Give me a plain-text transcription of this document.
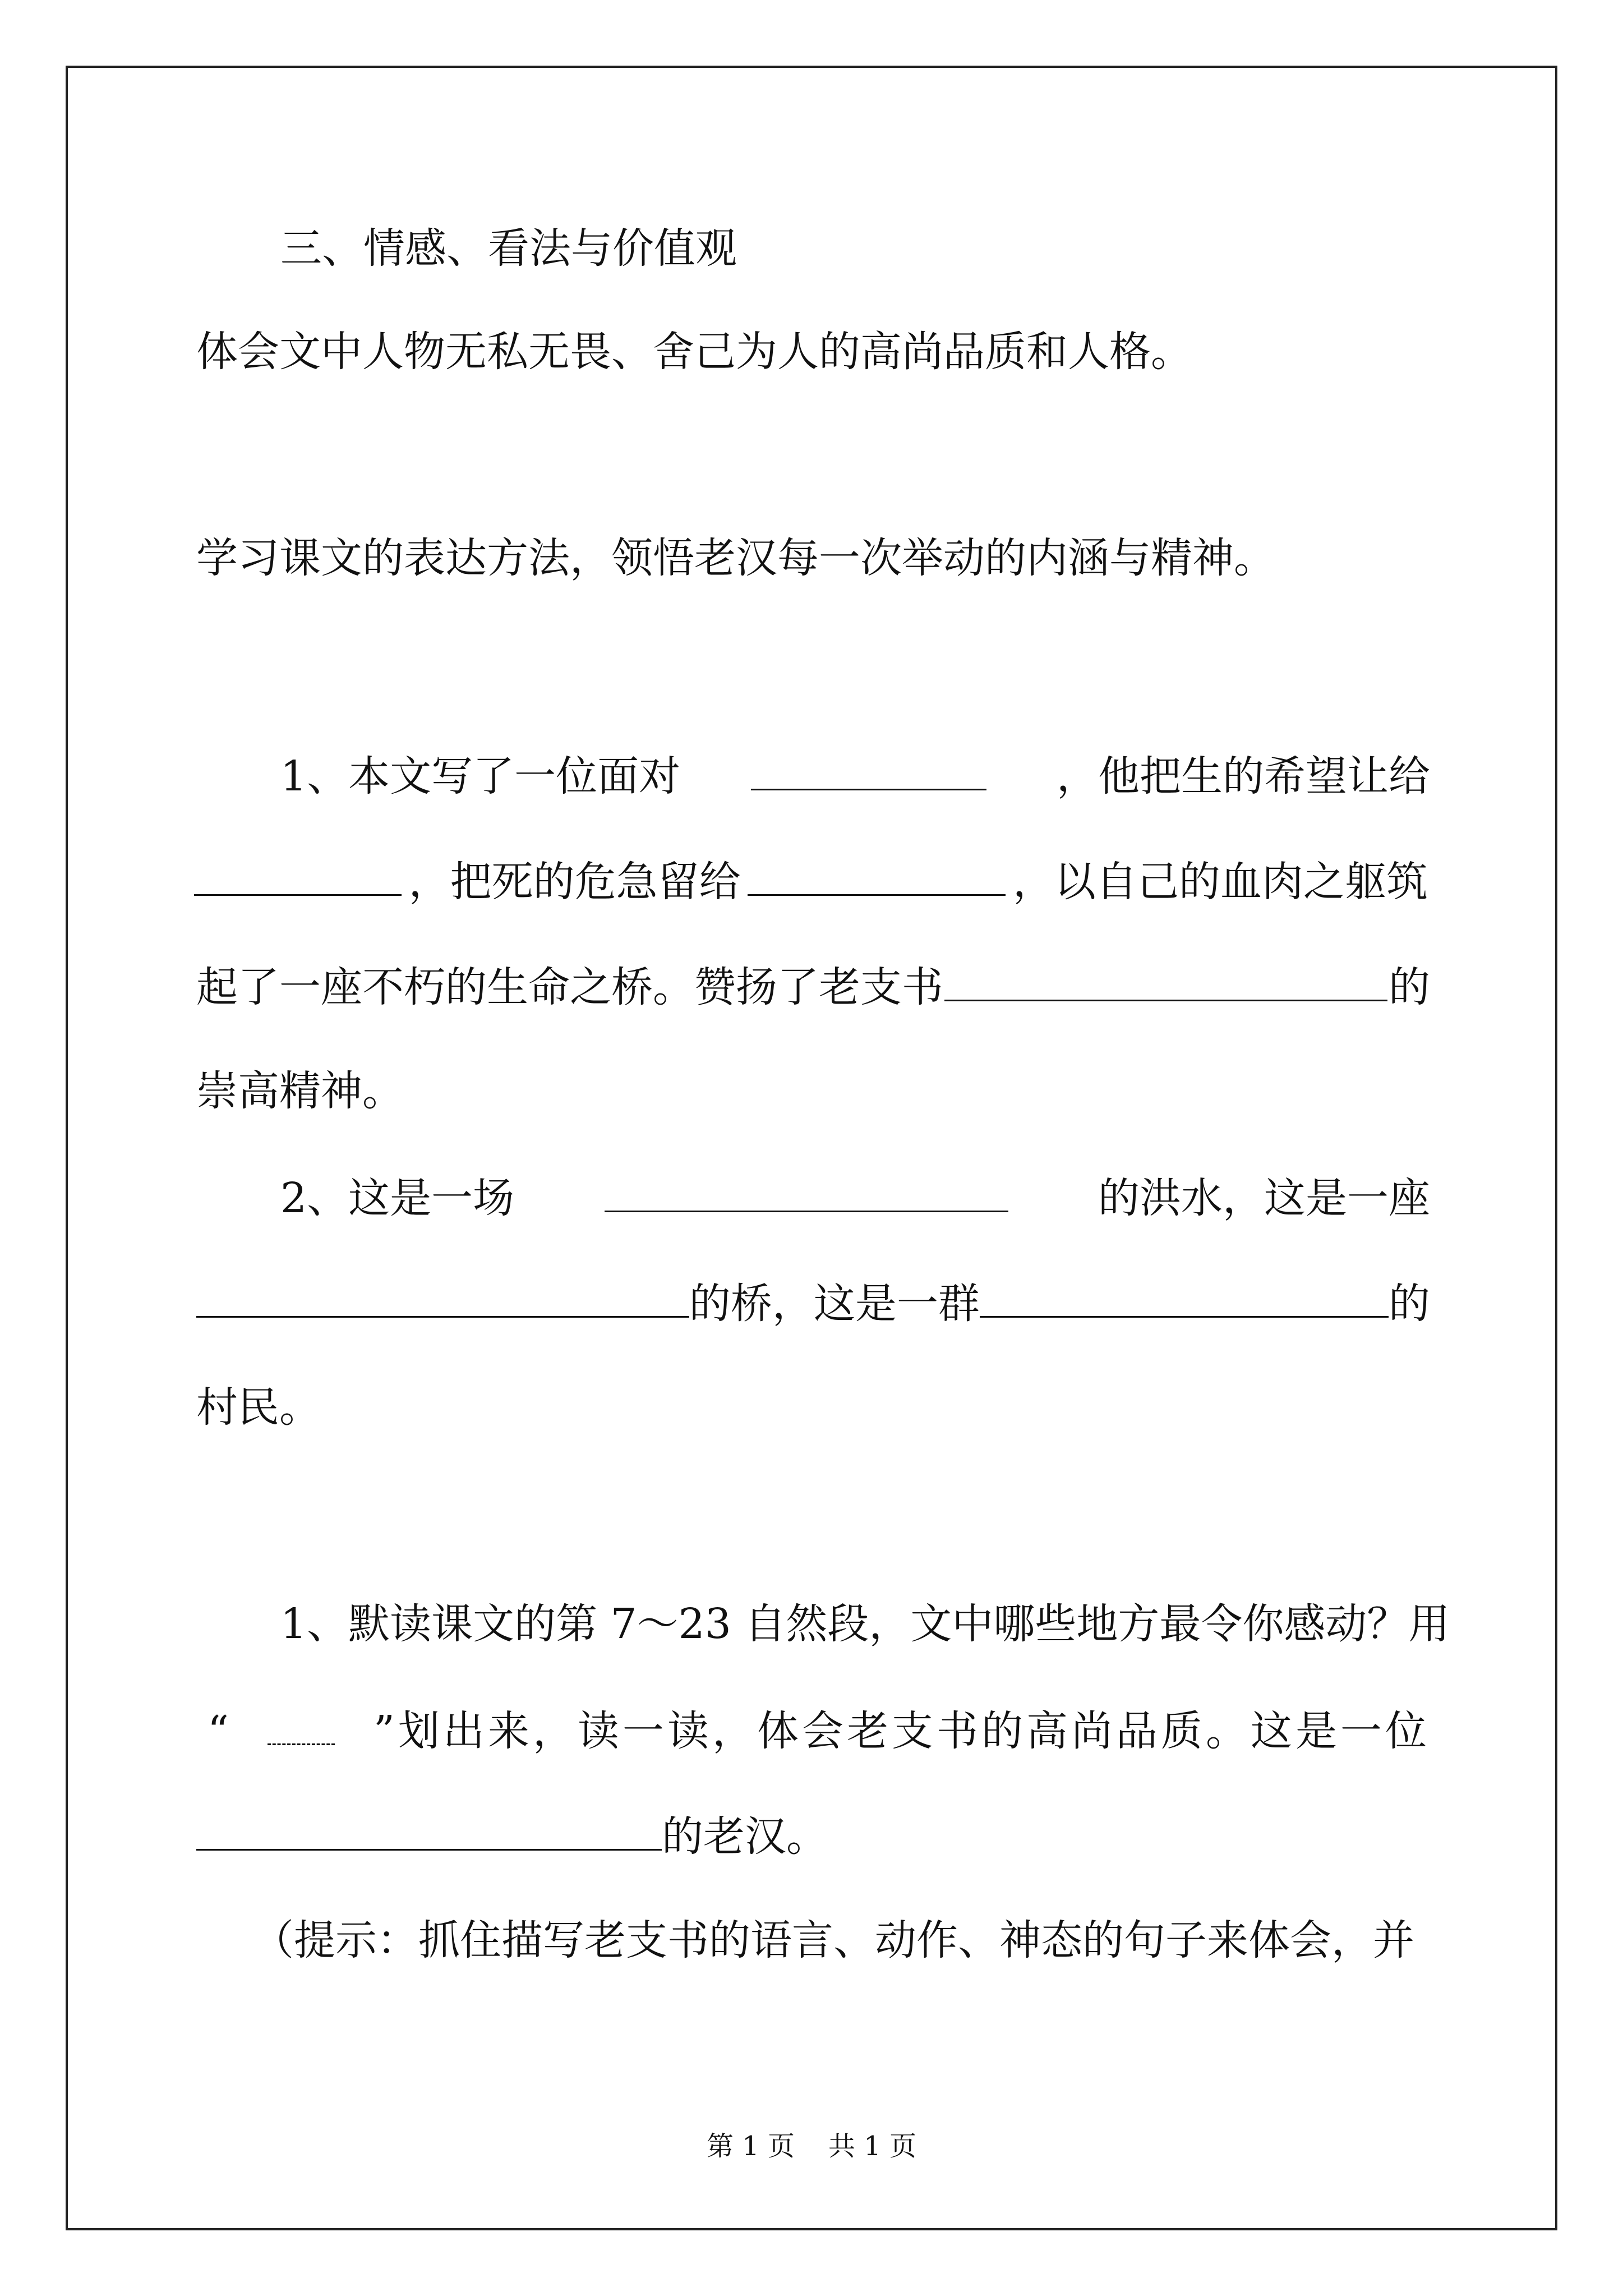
三、情感、看法与价值观
体会文中人物无私无畏、舍己为人的高尚品质和人格。
学习课文的表达方法，领悟老汉每一次举动的内涵与精神。
1、本文写了一位面对	，他把生的希望让给
，把死的危急留给	，以自己的血肉之躯筑
起了一座不朽的生命之桥。赞扬了老支书	的
崇高精神。
2、这是一场	的洪水，这是一座
的桥，这是一群	的
村民。
1、默读课文的第 7～23 自然段，文中哪些地方最令你感动？用
“	”划出来，读一读，体会老支书的高尚品质。这是一位
的老汉。
（提示：抓住描写老支书的语言、动作、神态的句子来体会，并
第 1 页 共 1 页
